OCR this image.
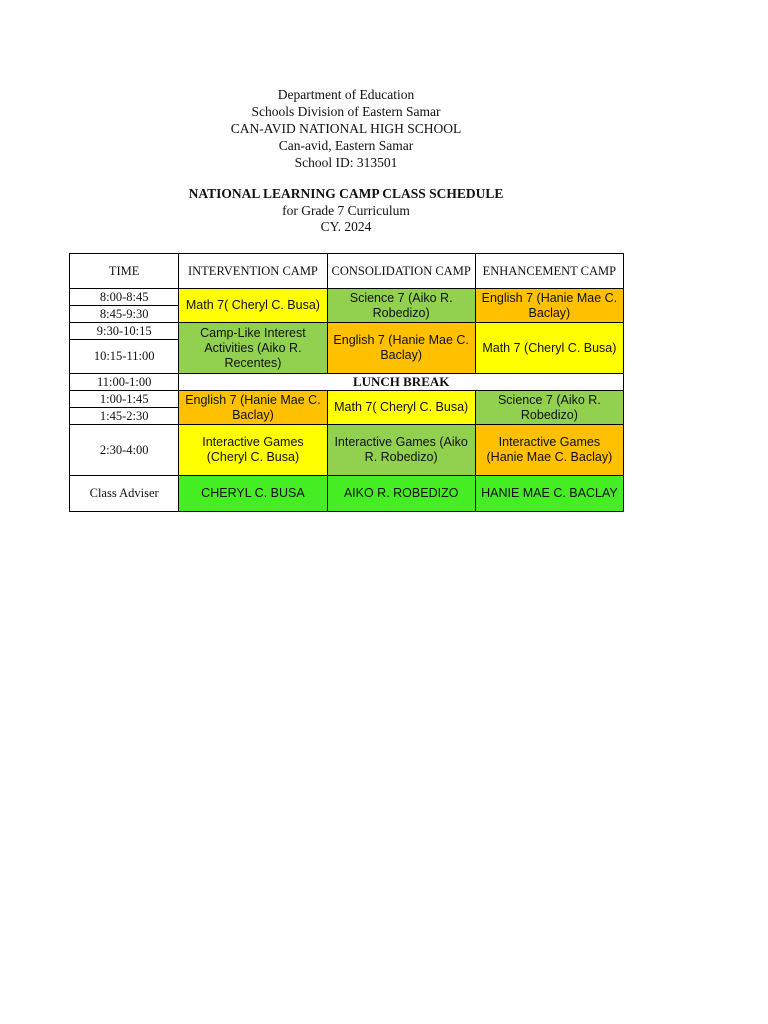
Department of Education
Schools Division of Eastern Samar
CAN-AVID NATIONAL HIGH SCHOOL
Can-avid, Eastern Samar
School ID: 313501
NATIONAL LEARNING CAMP CLASS SCHEDULE
for Grade 7 Curriculum
CY. 2024
TIME	INTERVENTION CAMP	CONSOLIDATION CAMP	ENHANCEMENT CAMP
8:00-8:45	Math 7( Cheryl C. Busa)	Science 7 (Aiko R. Robedizo)	English 7 (Hanie Mae C. Baclay)
8:45-9:30			
9:30-10:15	Camp-Like Interest Activities (Aiko R. Recentes)	English 7 (Hanie Mae C. Baclay)	Math 7 (Cheryl C. Busa)
10:15-11:00			
11:00-1:00	LUNCH BREAK		
1:00-1:45	English 7 (Hanie Mae C. Baclay)	Math 7( Cheryl C. Busa)	Science 7 (Aiko R. Robedizo)
1:45-2:30			
2:30-4:00	Interactive Games (Cheryl C. Busa)	Interactive Games (Aiko R. Robedizo)	Interactive Games (Hanie Mae C. Baclay)
Class Adviser	CHERYL C. BUSA	AIKO R. ROBEDIZO	HANIE MAE C. BACLAY
